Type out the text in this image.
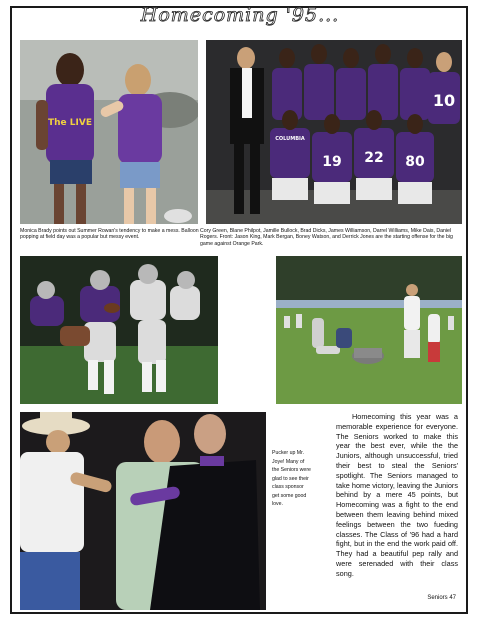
Homecoming '95...
The LIVE
Monica Brady points out Summer Rowan's tendency to make a mess. Balloon popping at field day was a popular but messy event.
10
19 22 80
COLUMBIA
Cory Green, Blane Philpot, Jamille Bullock, Brad Dicks, James Williamson, Darrel Williams, Mike Dais, Daniel Rogers. Front: Jason King, Mark Bergan, Boney Watson, and Derrick Jones are the starting offense for the big game against Orange Park.
Pucker up Mr. Joye! Many of the Seniors were glad to see their class sponsor get some good love.
Homecoming this year was a memorable experience for everyone. The Seniors worked to make this year the best ever, while the the Juniors, although unsuccessful, tried their best to steal the Seniors' spotlight. The Seniors managed to take home victory, leaving the Juniors behind by a mere 45 points, but Homecoming was a fight to the end between them leaving behind mixed feelings between the two fueding classes. The Class of '96 had a hard fight, but in the end the work paid off. They had a beautiful pep rally and were serenaded with their class song.
Seniors 47
